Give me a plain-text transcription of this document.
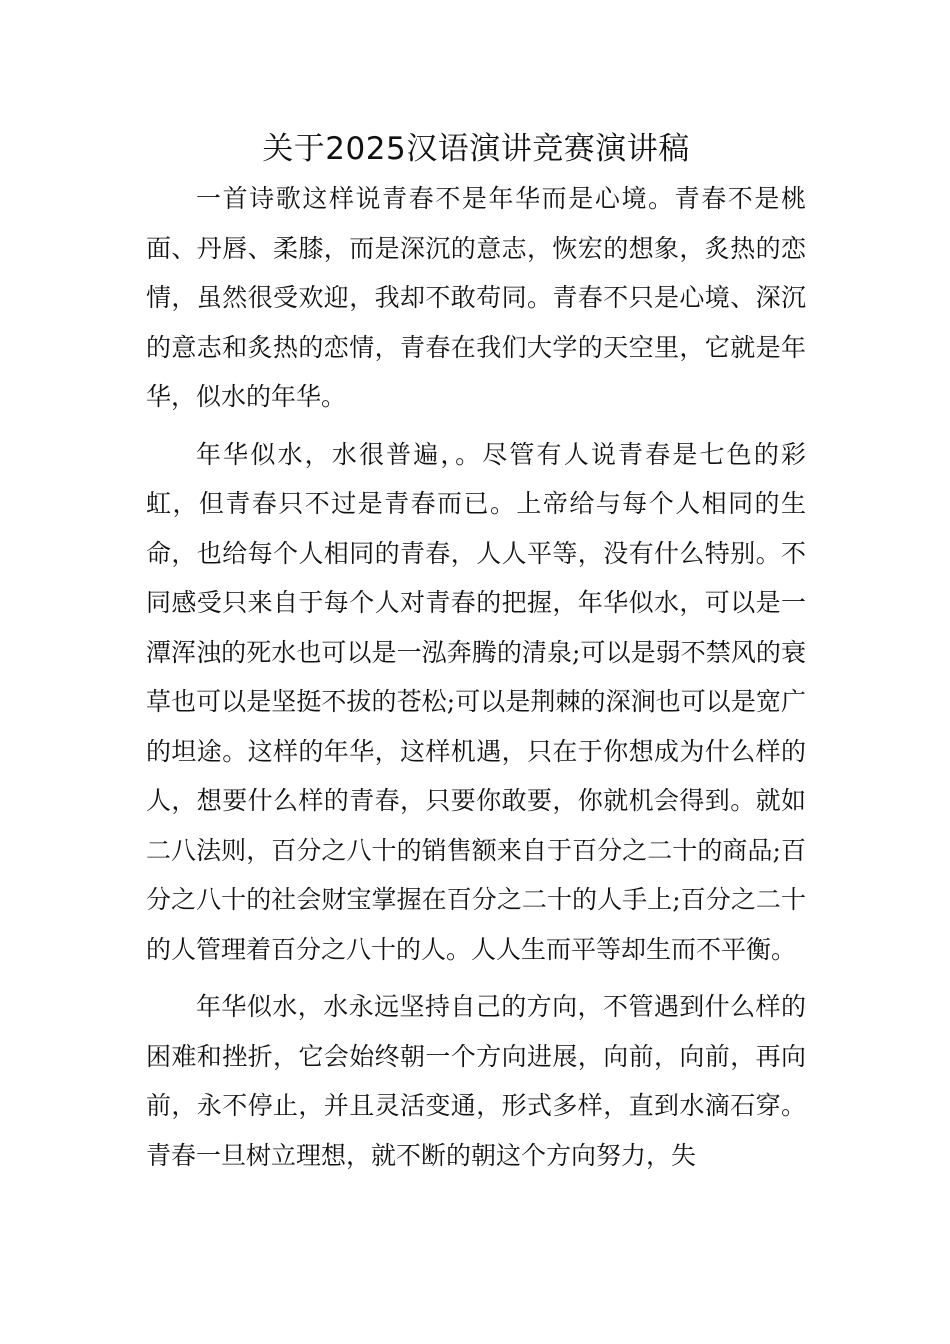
关于2025汉语演讲竞赛演讲稿

一首诗歌这样说青春不是年华而是心境。青春不是桃面、丹唇、柔膝，而是深沉的意志，恢宏的想象，炙热的恋情，虽然很受欢迎，我却不敢苟同。青春不只是心境、深沉的意志和炙热的恋情，青春在我们大学的天空里，它就是年华，似水的年华。

年华似水，水很普遍，。尽管有人说青春是七色的彩虹，但青春只不过是青春而已。上帝给与每个人相同的生命，也给每个人相同的青春，人人平等，没有什么特别。不同感受只来自于每个人对青春的把握，年华似水，可以是一潭浑浊的死水也可以是一泓奔腾的清泉;可以是弱不禁风的衰草也可以是坚挺不拔的苍松;可以是荆棘的深涧也可以是宽广的坦途。这样的年华，这样机遇，只在于你想成为什么样的人，想要什么样的青春，只要你敢要，你就机会得到。就如二八法则，百分之八十的销售额来自于百分之二十的商品;百分之八十的社会财宝掌握在百分之二十的人手上;百分之二十的人管理着百分之八十的人。人人生而平等却生而不平衡。

年华似水，水永远坚持自己的方向，不管遇到什么样的困难和挫折，它会始终朝一个方向进展，向前，向前，再向前，永不停止，并且灵活变通，形式多样，直到水滴石穿。青春一旦树立理想，就不断的朝这个方向努力，失
